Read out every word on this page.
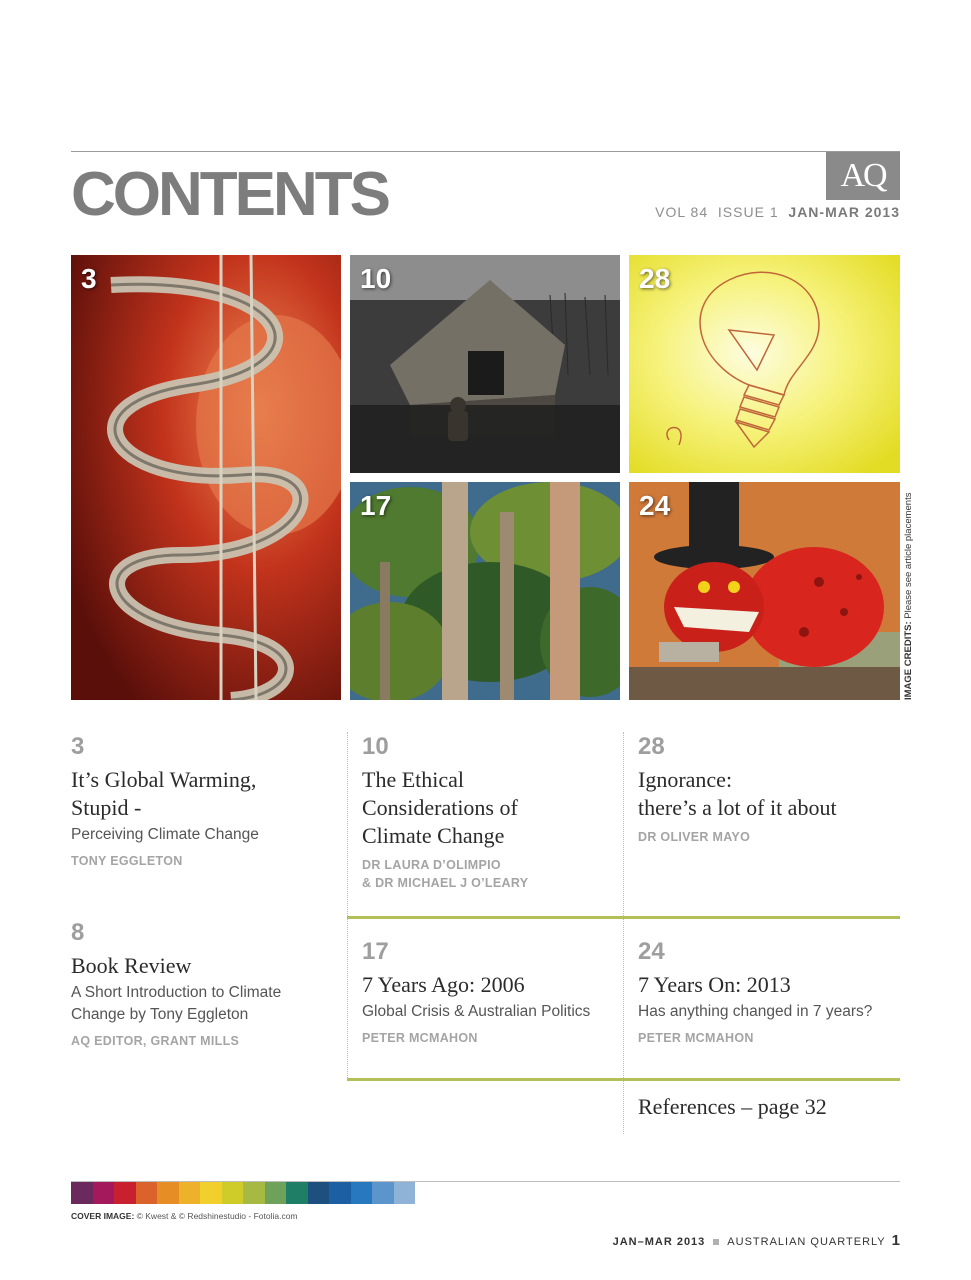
CONTENTS	AQ
VOL 84 ISSUE 1 JAN-MAR 2013
3	10	28
17	24
IMAGE CREDITS: Please see article placements
3
It’s Global Warming,
Stupid -
Perceiving Climate Change
TONY EGGLETON
8
Book Review
A Short Introduction to Climate
Change by Tony Eggleton
AQ EDITOR, GRANT MILLS
10
The Ethical
Considerations of
Climate Change
DR LAURA D’OLIMPIO
& DR MICHAEL J O’LEARY
17
7 Years Ago: 2006
Global Crisis & Australian Politics
PETER MCMAHON
28
Ignorance:
there’s a lot of it about
DR OLIVER MAYO
24
7 Years On: 2013
Has anything changed in 7 years?
PETER MCMAHON
References – page 32
COVER IMAGE: © Kwest & © Redshinestudio - Fotolia.com
JAN–MAR 2013 AUSTRALIAN QUARTERLY 1
